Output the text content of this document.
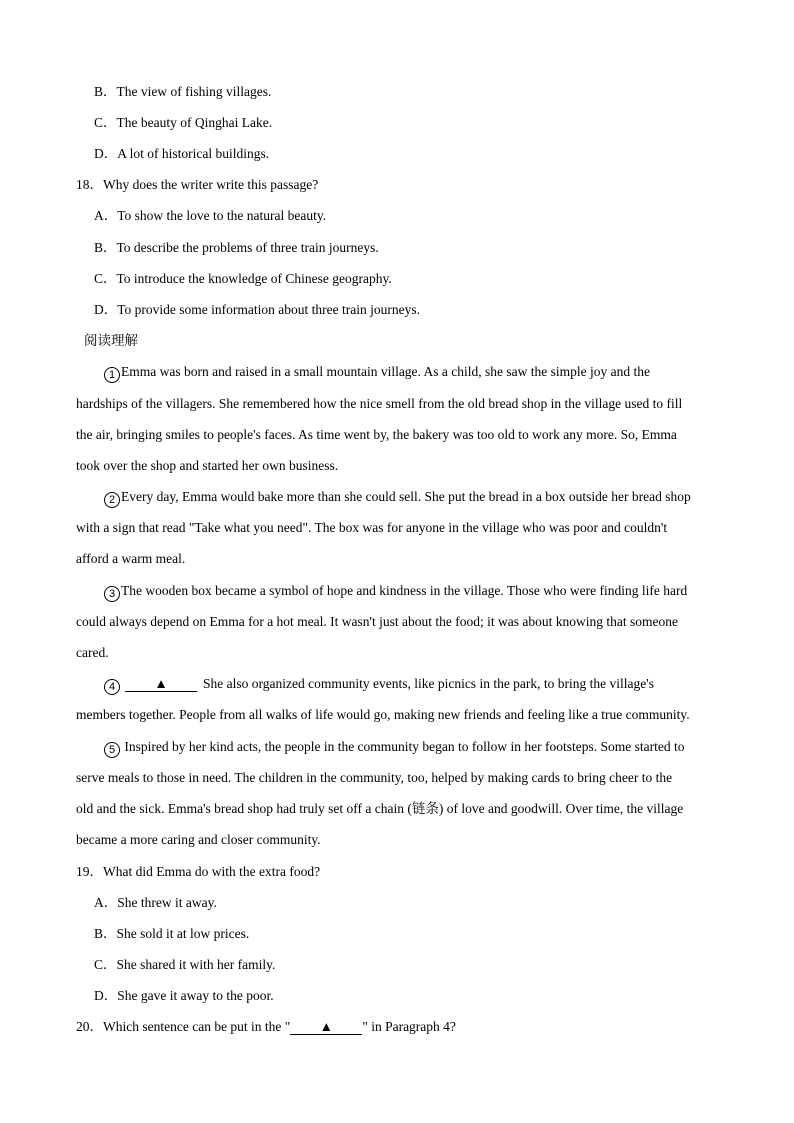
B．The view of fishing villages.
C．The beauty of Qinghai Lake.
D．A lot of historical buildings.
18．Why does the writer write this passage?
A．To show the love to the natural beauty.
B．To describe the problems of three train journeys.
C．To introduce the knowledge of Chinese geography.
D．To provide some information about three train journeys.
阅读理解
1 Emma was born and raised in a small mountain village. As a child, she saw the simple joy and the
hardships of the villagers. She remembered how the nice smell from the old bread shop in the village used to fill
the air, bringing smiles to people's faces. As time went by, the bakery was too old to work any more. So, Emma
took over the shop and started her own business.
2 Every day, Emma would bake more than she could sell. She put the bread in a box outside her bread shop
with a sign that read "Take what you need". The box was for anyone in the village who was poor and couldn't
afford a warm meal.
3 The wooden box became a symbol of hope and kindness in the village. Those who were finding life hard
could always depend on Emma for a hot meal. It wasn't just about the food; it was about knowing that someone
cared.
4	▲	She also organized community events, like picnics in the park, to bring the village's
members together. People from all walks of life would go, making new friends and feeling like a true community.
5 Inspired by her kind acts, the people in the community began to follow in her footsteps. Some started to
serve meals to those in need. The children in the community, too, helped by making cards to bring cheer to the
old and the sick. Emma's bread shop had truly set off a chain (链条) of love and goodwill. Over time, the village
became a more caring and closer community.
19．What did Emma do with the extra food?
A．She threw it away.
B．She sold it at low prices.
C．She shared it with her family.
D．She gave it away to the poor.
20．Which sentence can be put in the " ▲ " in Paragraph 4?
